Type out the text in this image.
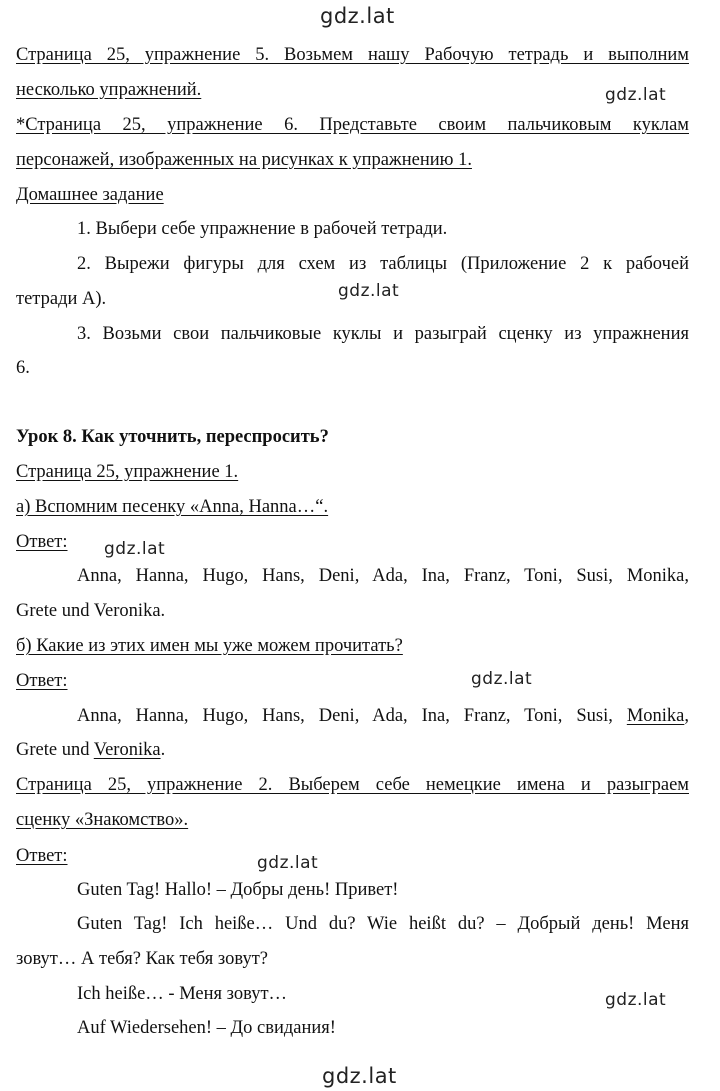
gdz.lat
Страница 25, упражнение 5. Возьмем нашу Рабочую тетрадь и выполним
несколько упражнений.	gdz.lat
*Страница 25, упражнение 6. Представьте своим пальчиковым куклам
персонажей, изображенных на рисунках к упражнению 1.
Домашнее задание
1. Выбери себе упражнение в рабочей тетради.
2. Вырежи фигуры для схем из таблицы (Приложение 2 к рабочей
тетради А).	gdz.lat
3. Возьми свои пальчиковые куклы и разыграй сценку из упражнения
6.
Урок 8. Как уточнить, переспросить?
Страница 25, упражнение 1.
а) Вспомним песенку «Anna, Hanna…“.
Ответ: gdz.lat
Anna, Hanna, Hugo, Hans, Deni, Ada, Ina, Franz, Toni, Susi, Monika,
Grete und Veronika.
б) Какие из этих имен мы уже можем прочитать?
Ответ:	gdz.lat
Anna, Hanna, Hugo, Hans, Deni, Ada, Ina, Franz, Toni, Susi, Monika,
Grete und Veronika.
Страница 25, упражнение 2. Выберем себе немецкие имена и разыграем
сценку «Знакомство».
Ответ:	gdz.lat
Guten Tag! Hallo! – Добры день! Привет!
Guten Tag! Ich heiße… Und du? Wie heißt du? – Добрый день! Меня
зовут… А тебя? Как тебя зовут?
Ich heiße… - Меня зовут…	gdz.lat
Auf Wiedersehen! – До свидания!
gdz.lat
